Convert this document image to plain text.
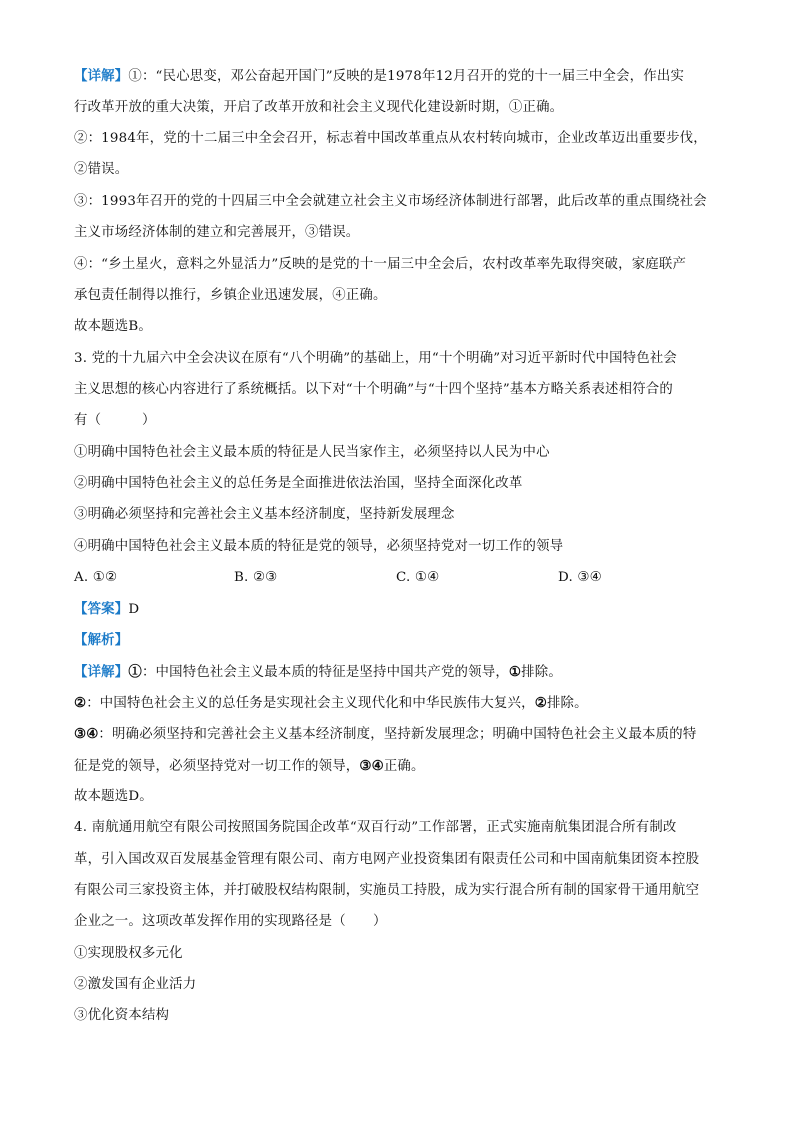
【详解】①：“民心思变，邓公奋起开国门”反映的是1978年12月召开的党的十一届三中全会，作出实
行改革开放的重大决策，开启了改革开放和社会主义现代化建设新时期，①正确。
②：1984年，党的十二届三中全会召开，标志着中国改革重点从农村转向城市，企业改革迈出重要步伐，
②错误。
③：1993年召开的党的十四届三中全会就建立社会主义市场经济体制进行部署，此后改革的重点围绕社会
主义市场经济体制的建立和完善展开，③错误。
④：“乡土星火，意料之外显活力”反映的是党的十一届三中全会后，农村改革率先取得突破，家庭联产
承包责任制得以推行，乡镇企业迅速发展，④正确。
故本题选B。
3. 党的十九届六中全会决议在原有“八个明确”的基础上，用“十个明确”对习近平新时代中国特色社会
主义思想的核心内容进行了系统概括。以下对“十个明确”与“十四个坚持”基本方略关系表述相符合的
有（　　　）
①明确中国特色社会主义最本质的特征是人民当家作主，必须坚持以人民为中心
②明确中国特色社会主义的总任务是全面推进依法治国，坚持全面深化改革
③明确必须坚持和完善社会主义基本经济制度，坚持新发展理念
④明确中国特色社会主义最本质的特征是党的领导，必须坚持党对一切工作的领导
A. ①②	B. ②③	C. ①④	D. ③④
【答案】D
【解析】
【详解】①：中国特色社会主义最本质的特征是坚持中国共产党的领导，①排除。
②：中国特色社会主义的总任务是实现社会主义现代化和中华民族伟大复兴，②排除。
③④：明确必须坚持和完善社会主义基本经济制度，坚持新发展理念；明确中国特色社会主义最本质的特
征是党的领导，必须坚持党对一切工作的领导，③④正确。
故本题选D。
4. 南航通用航空有限公司按照国务院国企改革“双百行动”工作部署，正式实施南航集团混合所有制改
革，引入国改双百发展基金管理有限公司、南方电网产业投资集团有限责任公司和中国南航集团资本控股
有限公司三家投资主体，并打破股权结构限制，实施员工持股，成为实行混合所有制的国家骨干通用航空
企业之一。这项改革发挥作用的实现路径是（　　）
①实现股权多元化
②激发国有企业活力
③优化资本结构
